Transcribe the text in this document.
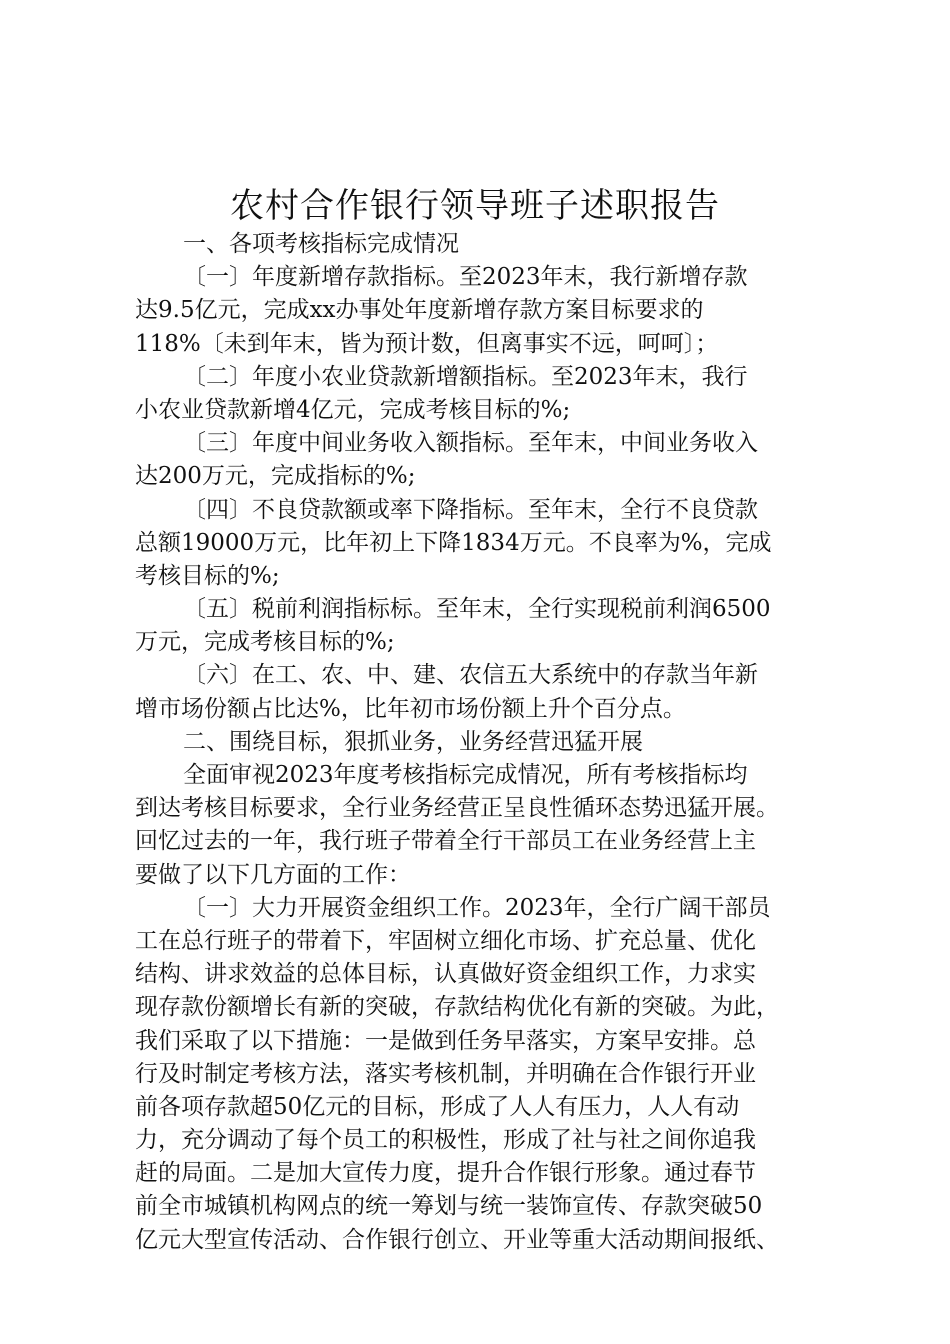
农村合作银行领导班子述职报告
一、各项考核指标完成情况
〔一〕年度新增存款指标。至2023年末，我行新增存款
达9.5亿元，完成xx办事处年度新增存款方案目标要求的
118%〔未到年末，皆为预计数，但离事实不远，呵呵〕；
〔二〕年度小农业贷款新增额指标。至2023年末，我行
小农业贷款新增4亿元，完成考核目标的%;
〔三〕年度中间业务收入额指标。至年末，中间业务收入
达200万元，完成指标的%;
〔四〕不良贷款额或率下降指标。至年末，全行不良贷款
总额19000万元，比年初上下降1834万元。不良率为%，完成
考核目标的%;
〔五〕税前利润指标标。至年末，全行实现税前利润6500
万元，完成考核目标的%;
〔六〕在工、农、中、建、农信五大系统中的存款当年新
增市场份额占比达%，比年初市场份额上升个百分点。
二、围绕目标，狠抓业务，业务经营迅猛开展
全面审视2023年度考核指标完成情况，所有考核指标均
到达考核目标要求，全行业务经营正呈良性循环态势迅猛开展。
回忆过去的一年，我行班子带着全行干部员工在业务经营上主
要做了以下几方面的工作：
〔一〕大力开展资金组织工作。2023年，全行广阔干部员
工在总行班子的带着下，牢固树立细化市场、扩充总量、优化
结构、讲求效益的总体目标，认真做好资金组织工作，力求实
现存款份额增长有新的突破，存款结构优化有新的突破。为此，
我们采取了以下措施：一是做到任务早落实，方案早安排。总
行及时制定考核方法，落实考核机制，并明确在合作银行开业
前各项存款超50亿元的目标，形成了人人有压力，人人有动
力，充分调动了每个员工的积极性，形成了社与社之间你追我
赶的局面。二是加大宣传力度，提升合作银行形象。通过春节
前全市城镇机构网点的统一筹划与统一装饰宣传、存款突破50
亿元大型宣传活动、合作银行创立、开业等重大活动期间报纸、
